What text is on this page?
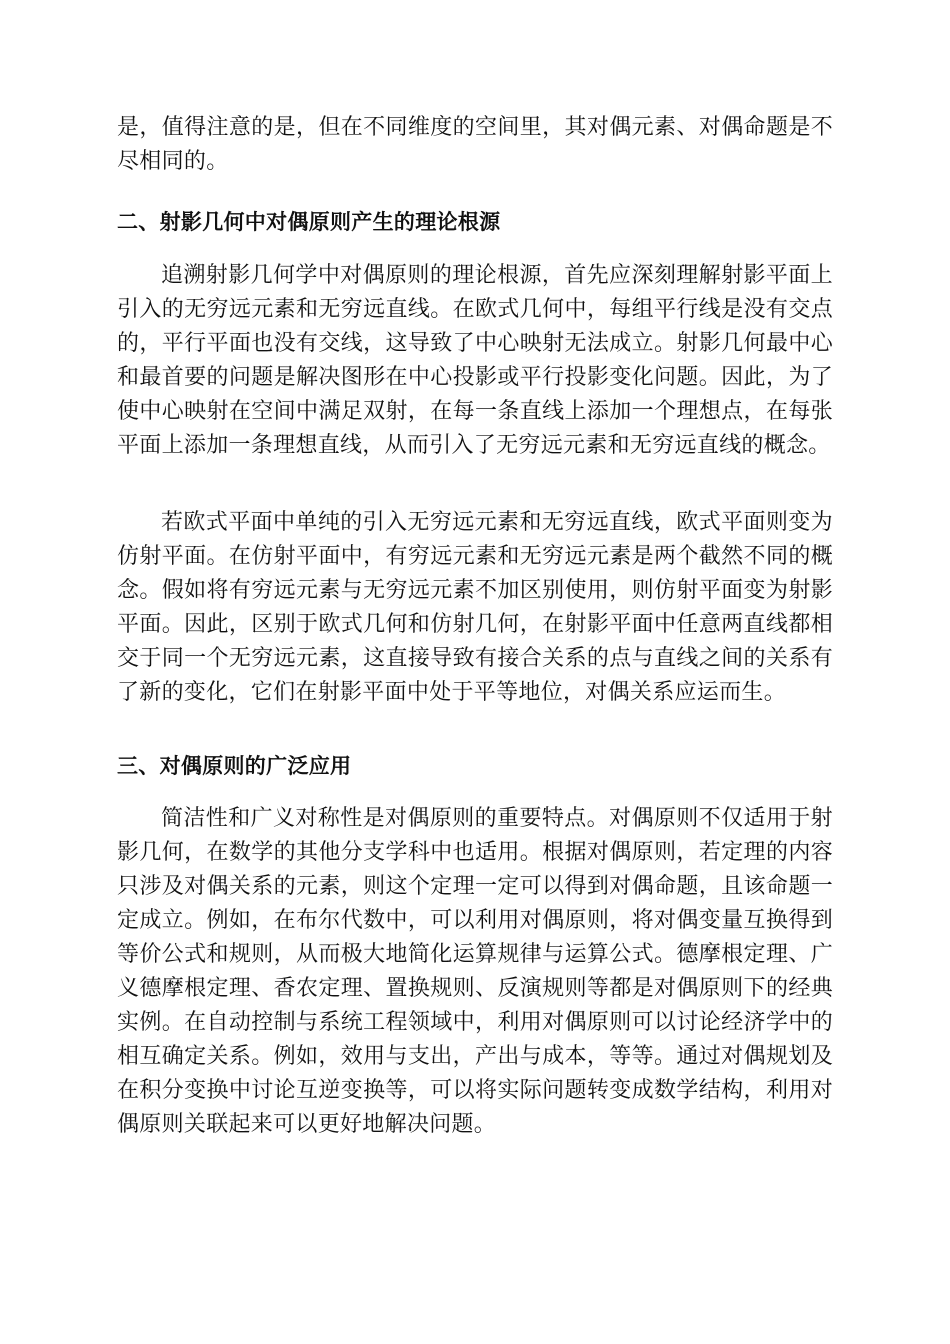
是，值得注意的是，但在不同维度的空间里，其对偶元素、对偶命题是不尽相同的。

二、射影几何中对偶原则产生的理论根源

追溯射影几何学中对偶原则的理论根源，首先应深刻理解射影平面上引入的无穷远元素和无穷远直线。在欧式几何中，每组平行线是没有交点的，平行平面也没有交线，这导致了中心映射无法成立。射影几何最中心和最首要的问题是解决图形在中心投影或平行投影变化问题。因此，为了使中心映射在空间中满足双射，在每一条直线上添加一个理想点，在每张平面上添加一条理想直线，从而引入了无穷远元素和无穷远直线的概念。

若欧式平面中单纯的引入无穷远元素和无穷远直线，欧式平面则变为仿射平面。在仿射平面中，有穷远元素和无穷远元素是两个截然不同的概念。假如将有穷远元素与无穷远元素不加区别使用，则仿射平面变为射影平面。因此，区别于欧式几何和仿射几何，在射影平面中任意两直线都相交于同一个无穷远元素，这直接导致有接合关系的点与直线之间的关系有了新的变化，它们在射影平面中处于平等地位，对偶关系应运而生。

三、对偶原则的广泛应用

简洁性和广义对称性是对偶原则的重要特点。对偶原则不仅适用于射影几何，在数学的其他分支学科中也适用。根据对偶原则，若定理的内容只涉及对偶关系的元素，则这个定理一定可以得到对偶命题，且该命题一定成立。例如，在布尔代数中，可以利用对偶原则，将对偶变量互换得到等价公式和规则，从而极大地简化运算规律与运算公式。德摩根定理、广义德摩根定理、香农定理、置换规则、反演规则等都是对偶原则下的经典实例。在自动控制与系统工程领域中，利用对偶原则可以讨论经济学中的相互确定关系。例如，效用与支出，产出与成本，等等。通过对偶规划及在积分变换中讨论互逆变换等，可以将实际问题转变成数学结构，利用对偶原则关联起来可以更好地解决问题。
